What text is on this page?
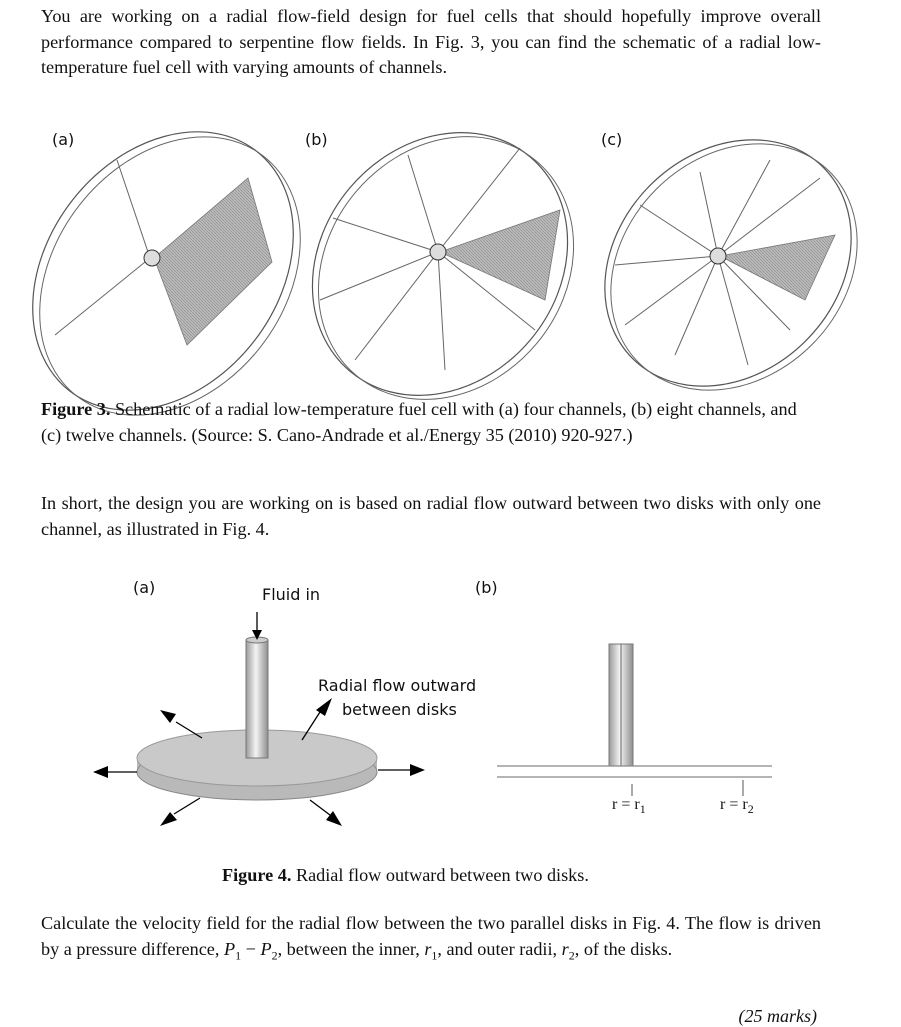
You are working on a radial flow-field design for fuel cells that should hopefully improve overall performance compared to serpentine flow fields. In Fig. 3, you can find the schematic of a radial low-temperature fuel cell with varying amounts of channels.
(a)	(b)	(c)
Figure 3. Schematic of a radial low-temperature fuel cell with (a) four channels, (b) eight channels, and (c) twelve channels. (Source: S. Cano-Andrade et al./Energy 35 (2010) 920-927.)
In short, the design you are working on is based on radial flow outward between two disks with only one channel, as illustrated in Fig. 4.
(a)	(b)
Fluid in
Radial flow outward
between disks
$r = r_1$	$r = r_2$
Figure 4. Radial flow outward between two disks.
Calculate the velocity field for the radial flow between the two parallel disks in Fig. 4. The flow is driven by a pressure difference, $P_1 - P_2$, between the inner, $r_1$, and outer radii, $r_2$, of the disks.
(25 marks)
